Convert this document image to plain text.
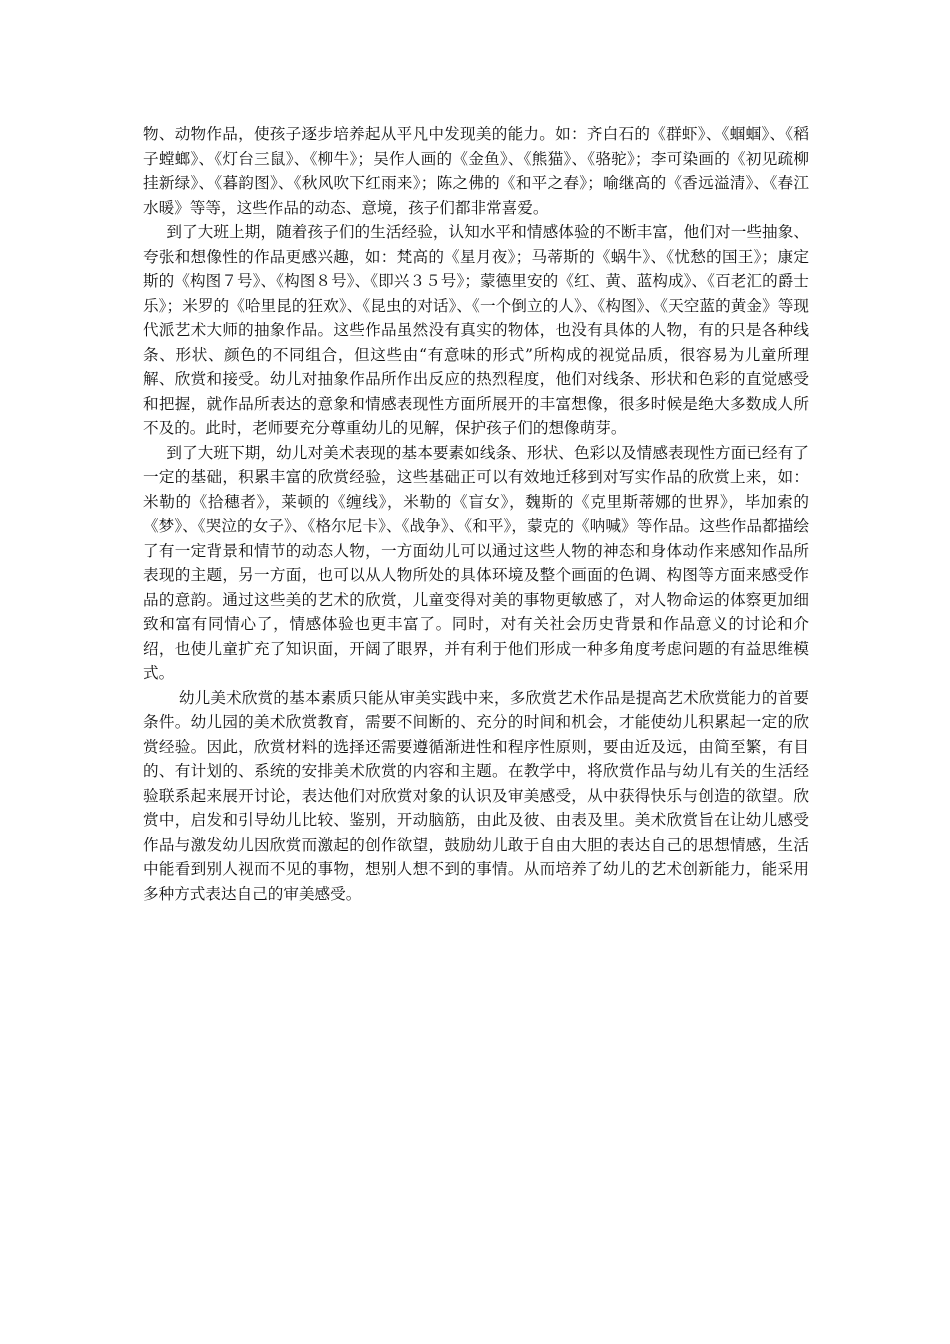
物、动物作品，使孩子逐步培养起从平凡中发现美的能力。如：齐白石的《群虾》、《蝈蝈》、《稻子螳螂》、《灯台三鼠》、《柳牛》；吴作人画的《金鱼》、《熊猫》、《骆驼》；李可染画的《初见疏柳挂新绿》、《暮韵图》、《秋风吹下红雨来》；陈之佛的《和平之春》；喻继高的《香远溢清》、《春江水暖》等等，这些作品的动态、意境，孩子们都非常喜爱。

到了大班上期，随着孩子们的生活经验，认知水平和情感体验的不断丰富，他们对一些抽象、夸张和想像性的作品更感兴趣，如：梵高的《星月夜》；马蒂斯的《蜗牛》、《忧愁的国王》；康定斯的《构图７号》、《构图８号》、《即兴３５号》；蒙德里安的《红、黄、蓝构成》、《百老汇的爵士乐》；米罗的《哈里昆的狂欢》、《昆虫的对话》、《一个倒立的人》、《构图》、《天空蓝的黄金》等现代派艺术大师的抽象作品。这些作品虽然没有真实的物体，也没有具体的人物，有的只是各种线条、形状、颜色的不同组合，但这些由“有意味的形式”所构成的视觉品质，很容易为儿童所理解、欣赏和接受。幼儿对抽象作品所作出反应的热烈程度，他们对线条、形状和色彩的直觉感受和把握，就作品所表达的意象和情感表现性方面所展开的丰富想像，很多时候是绝大多数成人所不及的。此时，老师要充分尊重幼儿的见解，保护孩子们的想像萌芽。

到了大班下期，幼儿对美术表现的基本要素如线条、形状、色彩以及情感表现性方面已经有了一定的基础，积累丰富的欣赏经验，这些基础正可以有效地迁移到对写实作品的欣赏上来，如：米勒的《拾穗者》，莱顿的《缠线》，米勒的《盲女》，魏斯的《克里斯蒂娜的世界》，毕加索的《梦》、《哭泣的女子》、《格尔尼卡》、《战争》、《和平》，蒙克的《呐喊》等作品。这些作品都描绘了有一定背景和情节的动态人物，一方面幼儿可以通过这些人物的神态和身体动作来感知作品所表现的主题，另一方面，也可以从人物所处的具体环境及整个画面的色调、构图等方面来感受作品的意韵。通过这些美的艺术的欣赏，儿童变得对美的事物更敏感了，对人物命运的体察更加细致和富有同情心了，情感体验也更丰富了。同时，对有关社会历史背景和作品意义的讨论和介绍，也使儿童扩充了知识面，开阔了眼界，并有利于他们形成一种多角度考虑问题的有益思维模式。

幼儿美术欣赏的基本素质只能从审美实践中来，多欣赏艺术作品是提高艺术欣赏能力的首要条件。幼儿园的美术欣赏教育，需要不间断的、充分的时间和机会，才能使幼儿积累起一定的欣赏经验。因此，欣赏材料的选择还需要遵循渐进性和程序性原则，要由近及远，由简至繁，有目的、有计划的、系统的安排美术欣赏的内容和主题。在教学中，将欣赏作品与幼儿有关的生活经验联系起来展开讨论，表达他们对欣赏对象的认识及审美感受，从中获得快乐与创造的欲望。欣赏中，启发和引导幼儿比较、鉴别，开动脑筋，由此及彼、由表及里。美术欣赏旨在让幼儿感受作品与激发幼儿因欣赏而激起的创作欲望，鼓励幼儿敢于自由大胆的表达自己的思想情感，生活中能看到别人视而不见的事物，想别人想不到的事情。从而培养了幼儿的艺术创新能力，能采用多种方式表达自己的审美感受。
